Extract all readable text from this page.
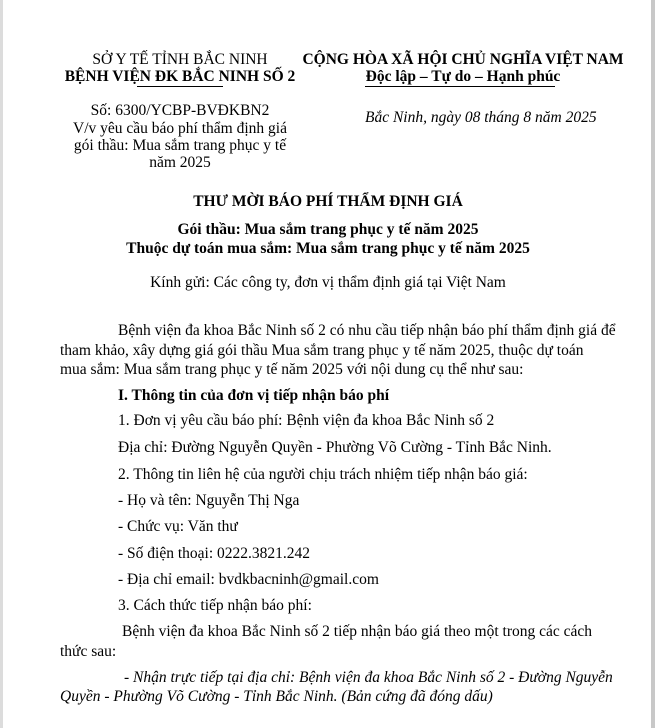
SỞ Y TẾ TỈNH BẮC NINH
BỆNH VIỆN ĐK BẮC NINH SỐ 2
CỘNG HÒA XÃ HỘI CHỦ NGHĨA VIỆT NAM
Độc lập – Tự do – Hạnh phúc
Số: 6300/YCBP-BVĐKBN2
V/v yêu cầu báo phí thẩm định giá
gói thầu: Mua sắm trang phục y tế
năm 2025
Bắc Ninh, ngày 08 tháng 8 năm 2025
THƯ MỜI BÁO PHÍ THẨM ĐỊNH GIÁ
Gói thầu: Mua sắm trang phục y tế năm 2025
Thuộc dự toán mua sắm: Mua sắm trang phục y tế năm 2025
Kính gửi: Các công ty, đơn vị thẩm định giá tại Việt Nam
Bệnh viện đa khoa Bắc Ninh số 2 có nhu cầu tiếp nhận báo phí thẩm định giá để
tham khảo, xây dựng giá gói thầu Mua sắm trang phục y tế năm 2025, thuộc dự toán
mua sắm: Mua sắm trang phục y tế năm 2025 với nội dung cụ thể như sau:
I. Thông tin của đơn vị tiếp nhận báo phí
1. Đơn vị yêu cầu báo phí: Bệnh viện đa khoa Bắc Ninh số 2
Địa chỉ: Đường Nguyễn Quyền - Phường Võ Cường - Tỉnh Bắc Ninh.
2. Thông tin liên hệ của người chịu trách nhiệm tiếp nhận báo giá:
- Họ và tên: Nguyễn Thị Nga
- Chức vụ: Văn thư
- Số điện thoại: 0222.3821.242
- Địa chỉ email: bvdkbacninh@gmail.com
3. Cách thức tiếp nhận báo phí:
Bệnh viện đa khoa Bắc Ninh số 2 tiếp nhận báo giá theo một trong các cách
thức sau:
- Nhận trực tiếp tại địa chỉ: Bệnh viện đa khoa Bắc Ninh số 2 - Đường Nguyễn
Quyền - Phường Võ Cường - Tỉnh Bắc Ninh. (Bản cứng đã đóng dấu)
